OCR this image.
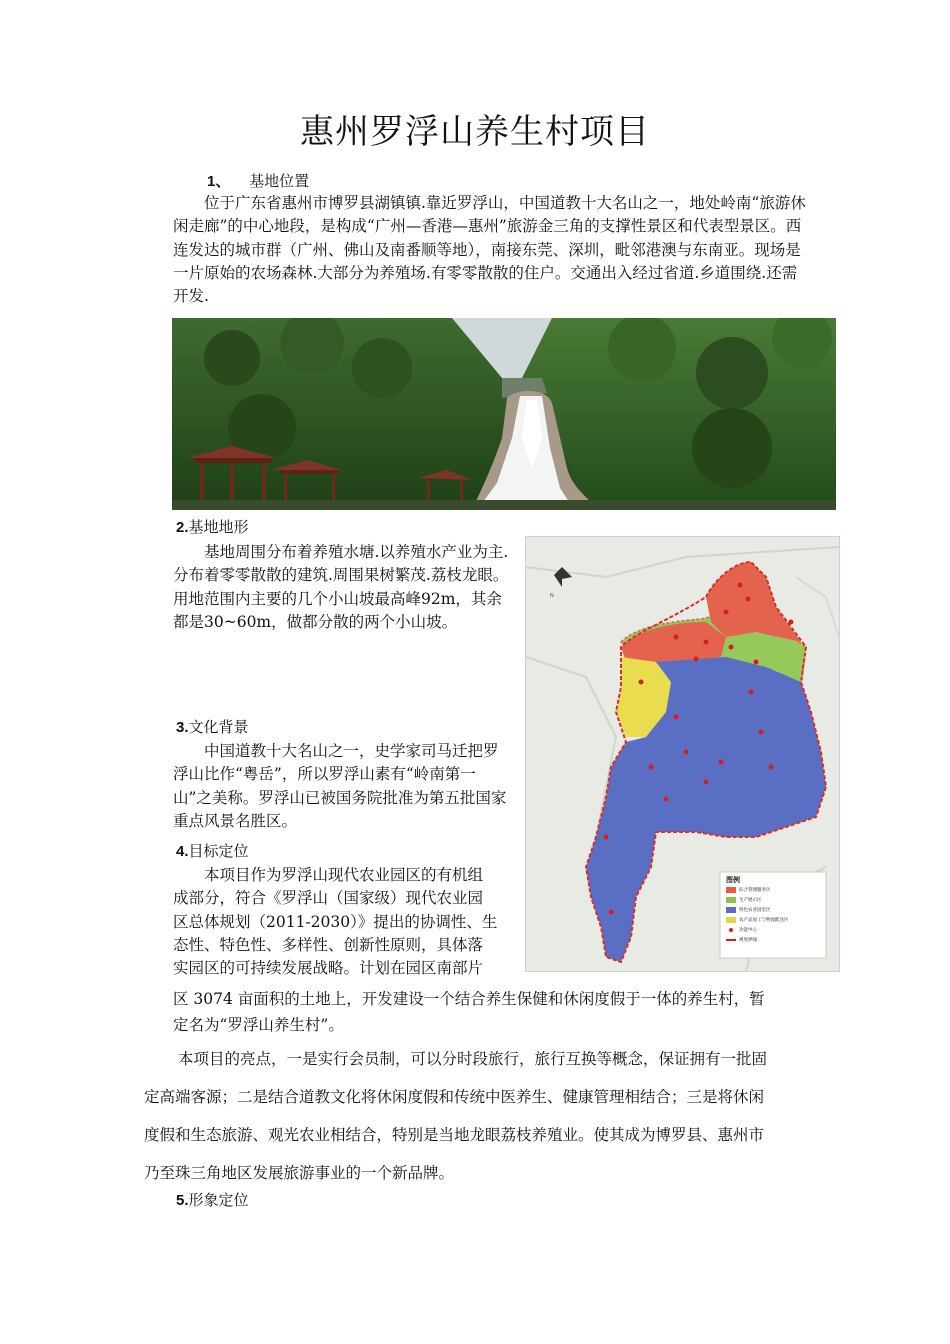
惠州罗浮山养生村项目
1、 基地位置

位于广东省惠州市博罗县湖镇镇.靠近罗浮山，中国道教十大名山之一，地处岭南“旅游休闲走廊”的中心地段，是构成“广州—香港—惠州”旅游金三角的支撑性景区和代表型景区。西连发达的城市群（广州、佛山及南番顺等地），南接东莞、深圳，毗邻港澳与东南亚。现场是一片原始的农场森林.大部分为养殖场.有零零散散的住户。交通出入经过省道.乡道围绕.还需开发.

2.基地地形

基地周围分布着养殖水塘.以养殖水产业为主.分布着零零散散的建筑.周围果树繁茂.荔枝龙眼。用地范围内主要的几个小山坡最高峰92m，其余都是30~60m，做都分散的两个小山坡。

N
图例
综合管理服务区
生产展示区
特色农业园室区
农产品加工与物流配送区
功能中心
规划界线
3.文化背景

中国道教十大名山之一，史学家司马迁把罗浮山比作“粤岳”，所以罗浮山素有“岭南第一山”之美称。罗浮山已被国务院批准为第五批国家重点风景名胜区。

4.目标定位
本项目作为罗浮山现代农业园区的有机组
成部分，符合《罗浮山（国家级）现代农业园
区总体规划（2011-2030）》提出的协调性、生
态性、特色性、多样性、创新性原则，具体落
实园区的可持续发展战略。计划在园区南部片
区 3074 亩面积的土地上，开发建设一个结合养生保健和休闲度假于一体的养生村，暂
定名为“罗浮山养生村”。
本项目的亮点，一是实行会员制，可以分时段旅行，旅行互换等概念，保证拥有一批固
定高端客源；二是结合道教文化将休闲度假和传统中医养生、健康管理相结合；三是将休闲
度假和生态旅游、观光农业相结合，特别是当地龙眼荔枝养殖业。使其成为博罗县、惠州市
乃至珠三角地区发展旅游事业的一个新品牌。
5.形象定位
